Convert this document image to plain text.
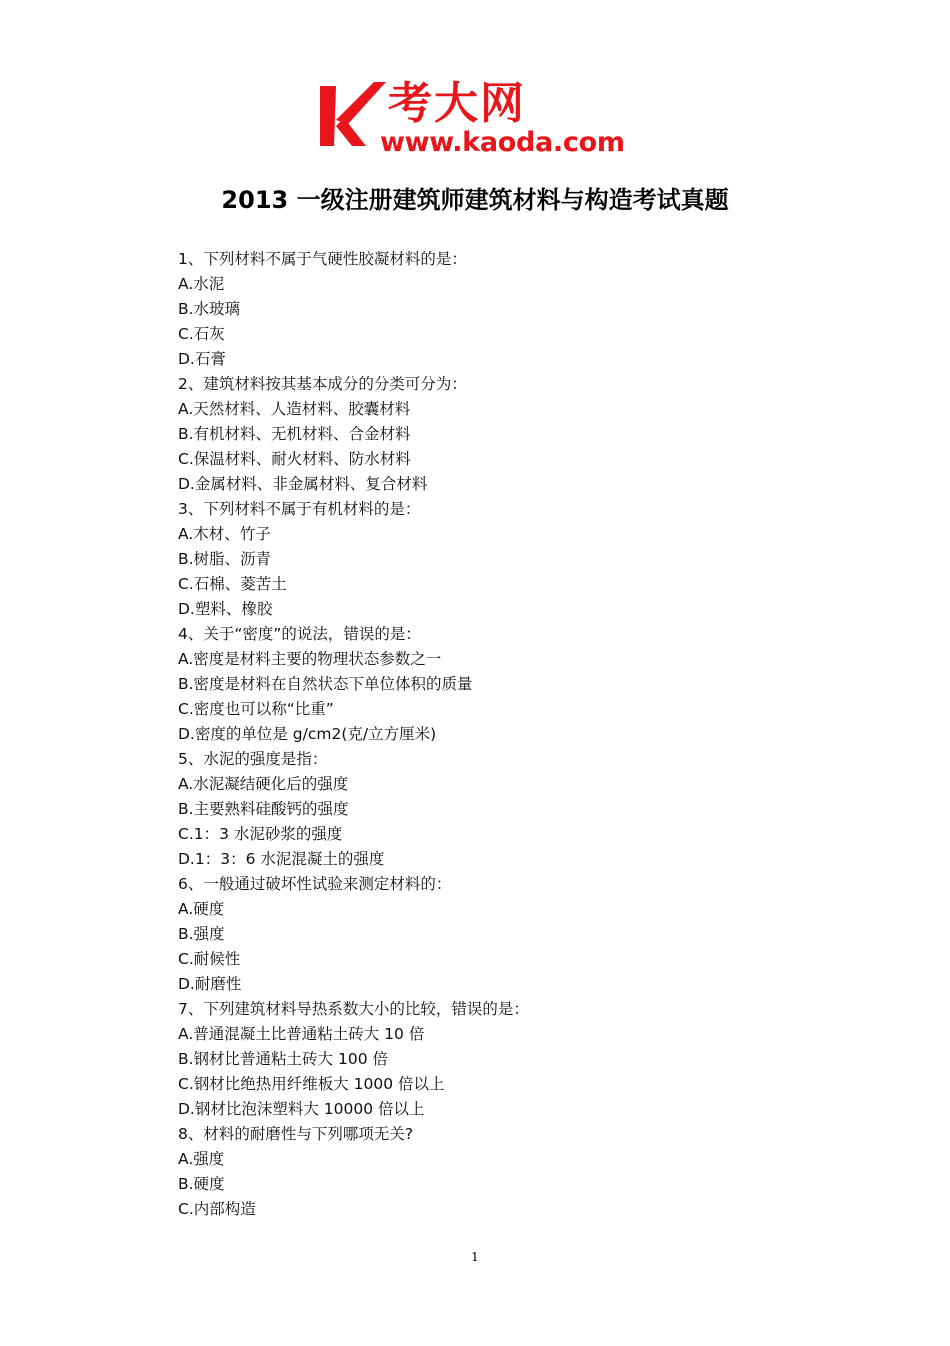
考大网
www.kaoda.com
2013 一级注册建筑师建筑材料与构造考试真题
1、下列材料不属于气硬性胶凝材料的是：
A.水泥
B.水玻璃
C.石灰
D.石膏
2、建筑材料按其基本成分的分类可分为：
A.天然材料、人造材料、胶囊材料
B.有机材料、无机材料、合金材料
C.保温材料、耐火材料、防水材料
D.金属材料、非金属材料、复合材料
3、下列材料不属于有机材料的是：
A.木材、竹子
B.树脂、沥青
C.石棉、菱苦土
D.塑料、橡胶
4、关于“密度”的说法，错误的是：
A.密度是材料主要的物理状态参数之一
B.密度是材料在自然状态下单位体积的质量
C.密度也可以称“比重”
D.密度的单位是 g/cm2(克/立方厘米)
5、水泥的强度是指：
A.水泥凝结硬化后的强度
B.主要熟料硅酸钙的强度
C.1：3 水泥砂浆的强度
D.1：3：6 水泥混凝土的强度
6、一般通过破坏性试验来测定材料的：
A.硬度
B.强度
C.耐候性
D.耐磨性
7、下列建筑材料导热系数大小的比较，错误的是：
A.普通混凝土比普通粘土砖大 10 倍
B.钢材比普通粘土砖大 100 倍
C.钢材比绝热用纤维板大 1000 倍以上
D.钢材比泡沫塑料大 10000 倍以上
8、材料的耐磨性与下列哪项无关?
A.强度
B.硬度
C.内部构造
1
